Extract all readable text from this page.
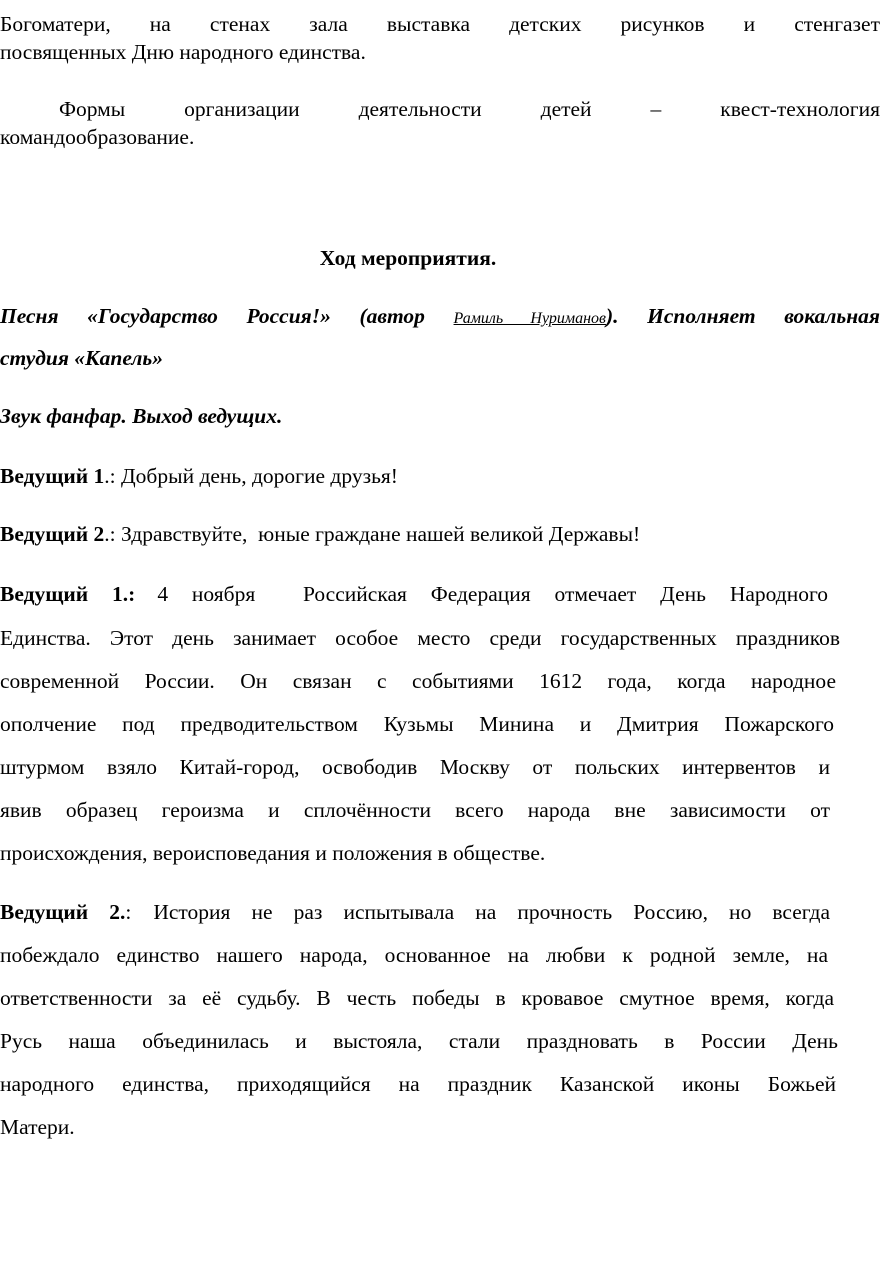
Богоматери, на стенах зала выставка детских рисунков и стенгазет
посвященных Дню народного единства.
Формы организации деятельности детей – квест-технология
командообразование.
Ход мероприятия.
Песня «Государство Россия!» (автор Рамиль Нуриманов). Исполняет вокальная
студия «Капель»
Звук фанфар. Выход ведущих.
Ведущий 1.: Добрый день, дорогие друзья!
Ведущий 2.: Здравствуйте,  юные граждане нашей великой Державы!
Ведущий 1.: 4 ноября  Российская Федерация отмечает День Народного
Единства. Этот день занимает особое место среди государственных праздников
современной России. Он связан с событиями 1612 года, когда народное
ополчение под предводительством Кузьмы Минина и Дмитрия Пожарского
штурмом взяло Китай-город, освободив Москву от польских интервентов и
явив образец героизма и сплочённости всего народа вне зависимости от
происхождения, вероисповедания и положения в обществе.
Ведущий 2.: История не раз испытывала на прочность Россию, но всегда
побеждало единство нашего народа, основанное на любви к родной земле, на
ответственности за её судьбу. В честь победы в кровавое смутное время, когда
Русь наша объединилась и выстояла, стали праздновать в России День
народного единства, приходящийся на праздник Казанской иконы Божьей
Матери.
